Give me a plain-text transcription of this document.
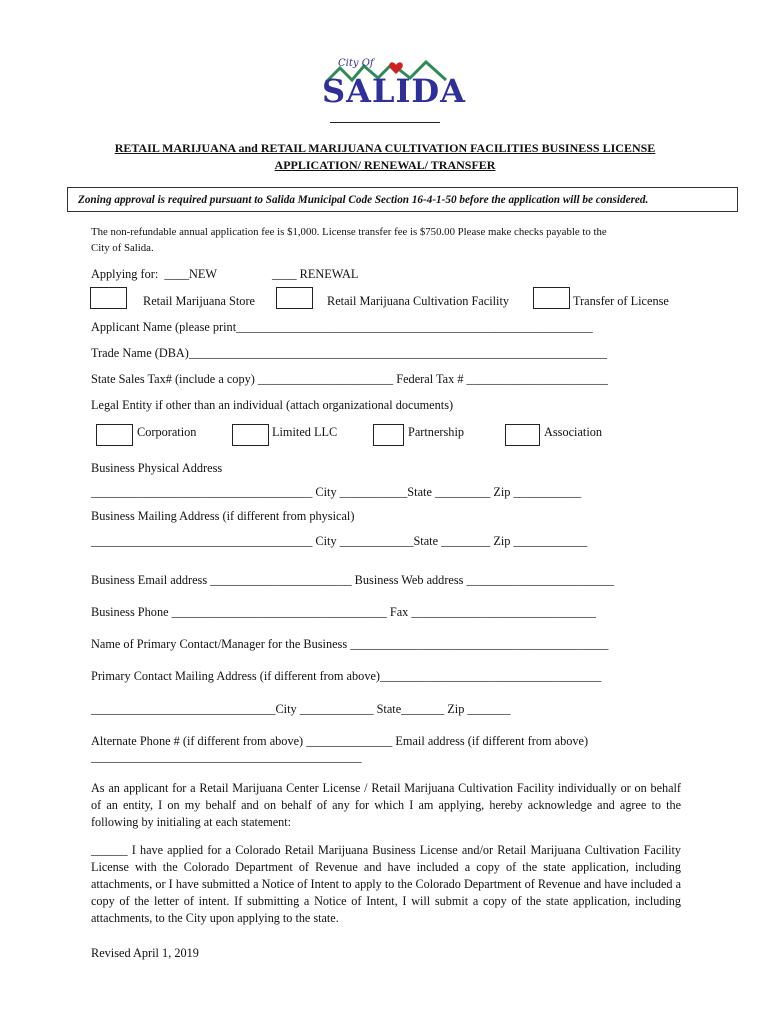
City Of
SALIDA
RETAIL MARIJUANA and RETAIL MARIJUANA CULTIVATION FACILITIES BUSINESS LICENSE
APPLICATION/ RENEWAL/ TRANSFER
Zoning approval is required pursuant to Salida Municipal Code Section 16-4-1-50 before the application will be considered.
The non-refundable annual application fee is $1,000. License transfer fee is $750.00 Please make checks payable to the
City of Salida.
Applying for:  ____NEW	____ RENEWAL
Retail Marijuana Store	Retail Marijuana Cultivation Facility	Transfer of License
Applicant Name (please print__________________________________________________________
Trade Name (DBA)____________________________________________________________________
State Sales Tax# (include a copy) ______________________ Federal Tax # _______________________
Legal Entity if other than an individual (attach organizational documents)
Corporation	Limited LLC	Partnership	Association
Business Physical Address
____________________________________ City ___________State _________ Zip ___________
Business Mailing Address (if different from physical)
____________________________________ City ____________State ________ Zip ____________
Business Email address _______________________ Business Web address ________________________
Business Phone ___________________________________ Fax ______________________________
Name of Primary Contact/Manager for the Business __________________________________________
Primary Contact Mailing Address (if different from above)____________________________________
______________________________City ____________ State_______ Zip _______
Alternate Phone # (if different from above) ______________ Email address (if different from above)
____________________________________________
As an applicant for a Retail Marijuana Center License / Retail Marijuana Cultivation Facility individually or on behalf of an entity, I on my behalf and on behalf of any for which I am applying, hereby acknowledge and agree to the following by initialing at each statement:
______ I have applied for a Colorado Retail Marijuana Business License and/or Retail Marijuana Cultivation Facility License with the Colorado Department of Revenue and have included a copy of the state application, including attachments, or I have submitted a Notice of Intent to apply to the Colorado Department of Revenue and have included a copy of the letter of intent. If submitting a Notice of Intent, I will submit a copy of the state application, including attachments, to the City upon applying to the state.
Revised April 1, 2019
